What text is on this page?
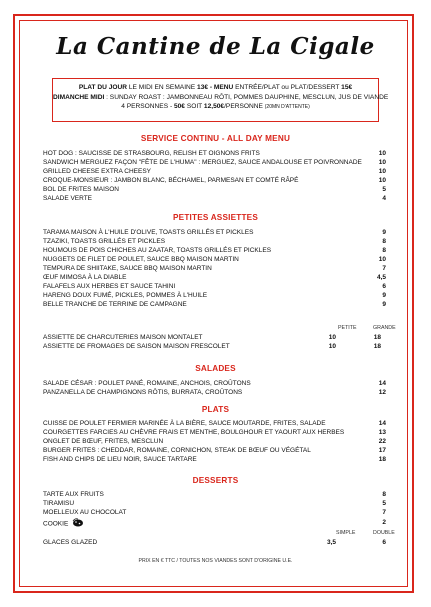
La Cantine de La Cigale
PLAT DU JOUR LE MIDI EN SEMAINE 13€ - MENU ENTRÉE/PLAT ou PLAT/DESSERT 15€
DIMANCHE MIDI : SUNDAY ROAST : JAMBONNEAU RÔTI, POMMES DAUPHINE, MESCLUN, JUS DE VIANDE
4 PERSONNES - 50€ SOIT 12,50€/PERSONNE (20MN D'ATTENTE)
SERVICE CONTINU - ALL DAY MENU
HOT DOG : SAUCISSE DE STRASBOURG, RELISH ET OIGNONS FRITS	10
SANDWICH MERGUEZ FAÇON "FÊTE DE L'HUMA" : MERGUEZ, SAUCE ANDALOUSE ET POIVRONNADE	10
GRILLED CHEESE EXTRA CHEESY	10
CROQUE-MONSIEUR : JAMBON BLANC, BÉCHAMEL, PARMESAN ET COMTÉ RÂPÉ	10
BOL DE FRITES MAISON	5
SALADE VERTE	4
PETITES ASSIETTES
TARAMA MAISON À L'HUILE D'OLIVE, TOASTS GRILLÉS ET PICKLES	9
TZAZIKI, TOASTS GRILLÉS ET PICKLES	8
HOUMOUS DE POIS CHICHES AU ZAATAR, TOASTS GRILLÉS ET PICKLES	8
NUGGETS DE FILET DE POULET, SAUCE BBQ MAISON MARTIN	10
TEMPURA DE SHIITAKE, SAUCE BBQ MAISON MARTIN	7
ŒUF MIMOSA À LA DIABLE	4,5
FALAFELS AUX HERBES ET SAUCE TAHINI	6
HARENG DOUX FUMÉ, PICKLES, POMMES À L'HUILE	9
BELLE TRANCHE DE TERRINE DE CAMPAGNE	9
PETITE	GRANDE
ASSIETTE DE CHARCUTERIES MAISON MONTALET	10	18
ASSIETTE DE FROMAGES DE SAISON MAISON FRESCOLET	10	18
SALADES
SALADE CÉSAR : POULET PANÉ, ROMAINE, ANCHOIS, CROÛTONS	14
PANZANELLA DE CHAMPIGNONS RÔTIS, BURRATA, CROÛTONS	12
PLATS
CUISSE DE POULET FERMIER MARINÉE À LA BIÈRE, SAUCE MOUTARDE, FRITES, SALADE	14
COURGETTES FARCIES AU CHÈVRE FRAIS ET MENTHE, BOULGHOUR ET YAOURT AUX HERBES	13
ONGLET DE BŒUF, FRITES, MESCLUN	22
BURGER FRITES : CHEDDAR, ROMAINE, CORNICHON, STEAK DE BŒUF OU VÉGÉTAL	17
FISH AND CHIPS DE LIEU NOIR, SAUCE TARTARE	18
DESSERTS
TARTE AUX FRUITS	8
TIRAMISU	5
MOELLEUX AU CHOCOLAT	7
COOKIE	2
SIMPLE	DOUBLE
GLACES GLAZED	3,5	6
PRIX EN € TTC / TOUTES NOS VIANDES SONT D'ORIGINE U.E.
